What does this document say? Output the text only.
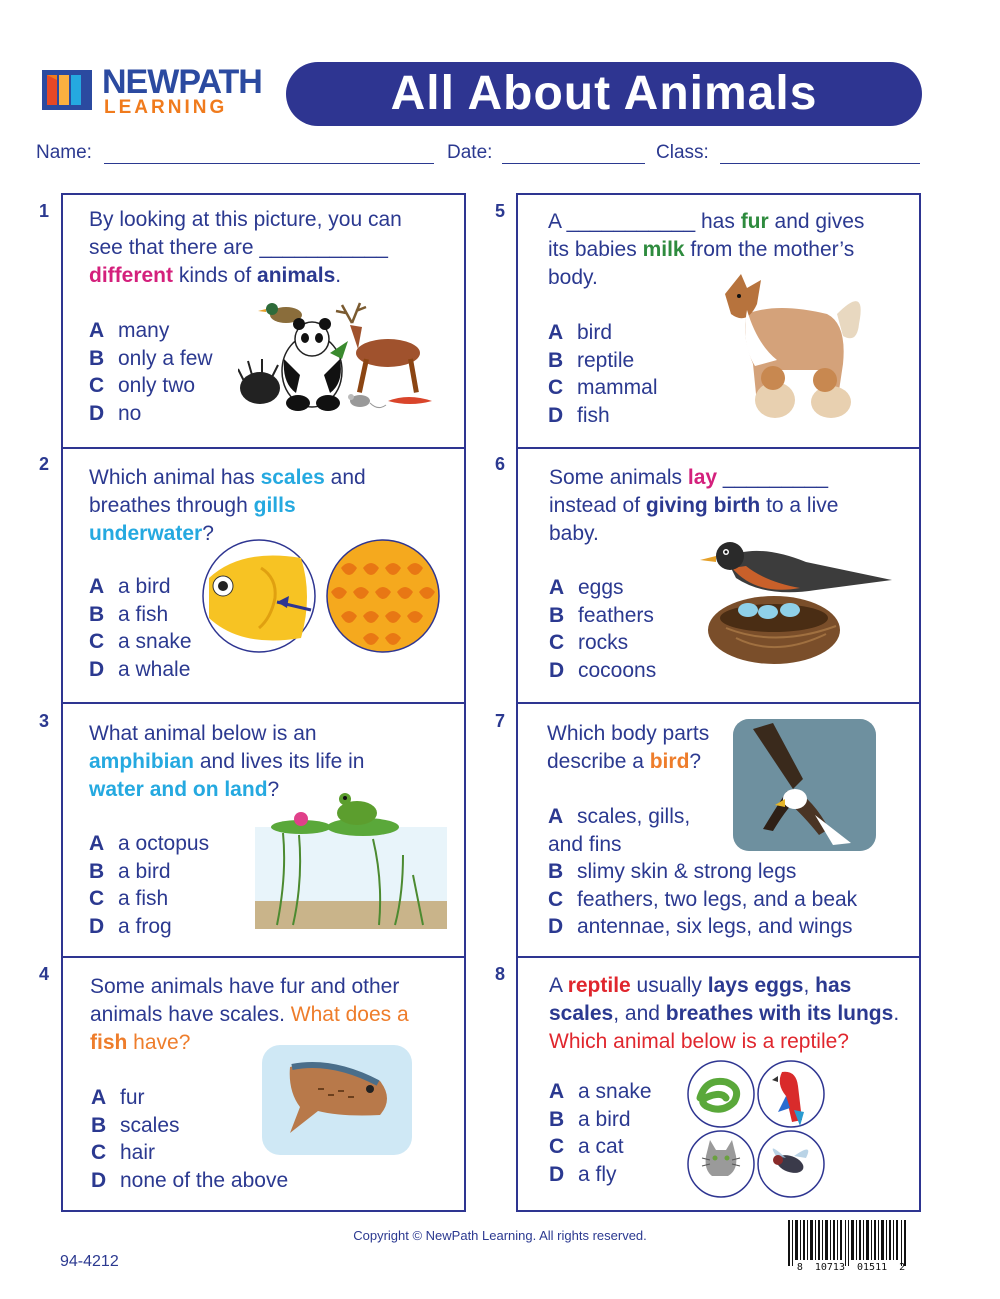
NEWPATH
LEARNING	All About Animals
Name:	Date:	Class:
1
2
3
4
5
6
7
8
By looking at this picture, you can see that there are ___________ different kinds of animals.
Which animal has scales and breathes through gills underwater?
What animal below is an amphibian and lives its life in water and on land?
Some animals have fur and other animals have scales. What does a fish have?
A ___________ has fur and gives its babies milk from the mother’s body.
Some animals lay _________ instead of giving birth to a live baby.
Which body parts describe a bird?
A reptile usually lays eggs, has scales, and breathes with its lungs. Which animal below is a reptile?
A many
B only a few
C only two
D no
A a bird
B a fish
C a snake
D a whale
A a octopus
B a bird
C a fish
D a frog
A fur
B scales
C hair
D none of the above
A bird
B reptile
C mammal
D fish
A eggs
B feathers
C rocks
D cocoons
A scales, gills,
and fins
B slimy skin & strong legs
C feathers, two legs, and a beak
D antennae, six legs, and wings
A a snake
B a bird
C a cat
D a fly
Copyright © NewPath Learning. All rights reserved.
94-4212	8  10713  01511  2
